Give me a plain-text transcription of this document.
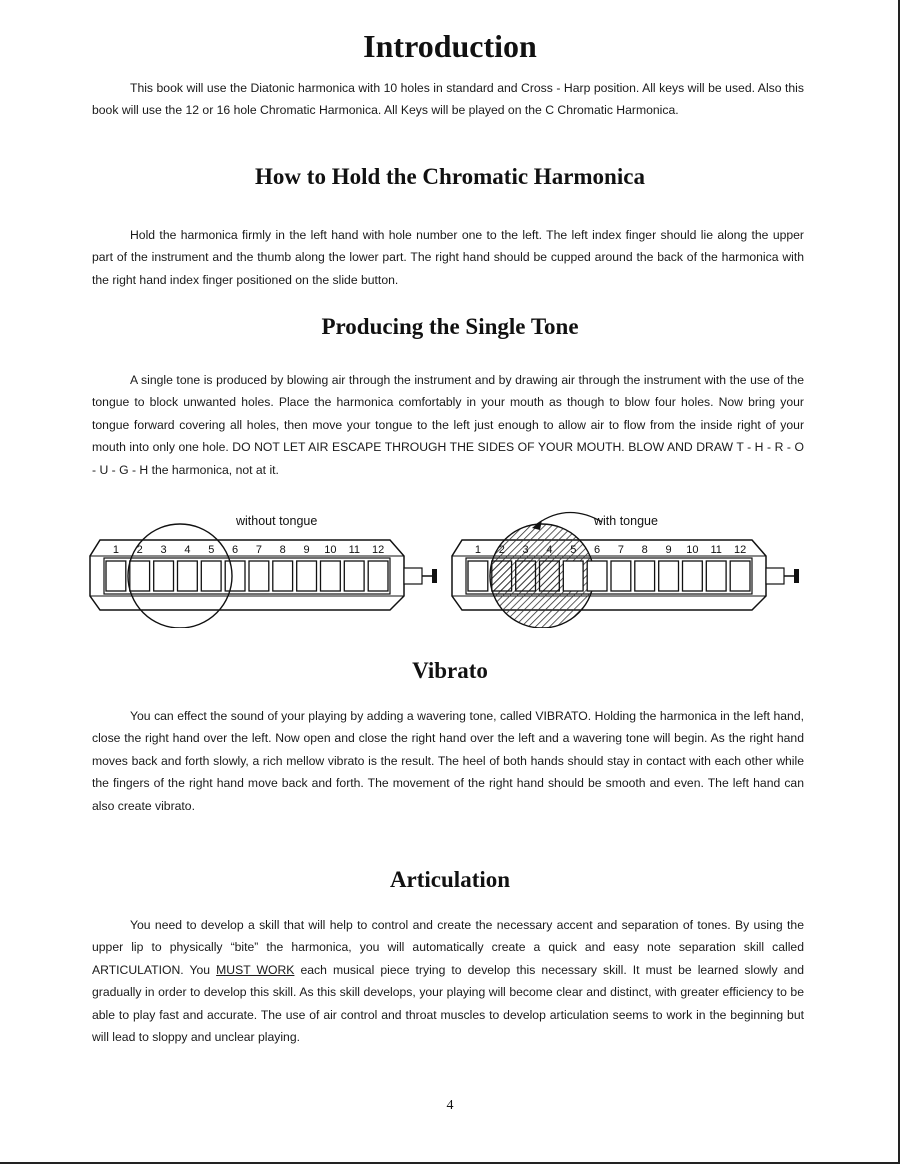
Introduction

This book will use the Diatonic harmonica with 10 holes in standard and Cross - Harp position. All keys will be used. Also this book will use the 12 or 16 hole Chromatic Harmonica. All Keys will be played on the C Chromatic Harmonica.

How to Hold the Chromatic Harmonica

Hold the harmonica firmly in the left hand with hole number one to the left. The left index finger should lie along the upper part of the instrument and the thumb along the lower part. The right hand should be cupped around the back of the harmonica with the right hand index finger positioned on the slide button.

Producing the Single Tone

A single tone is produced by blowing air through the instrument and by drawing air through the instrument with the use of the tongue to block unwanted holes. Place the harmonica comfortably in your mouth as though to blow four holes. Now bring your tongue forward covering all holes, then move your tongue to the left just enough to allow air to flow from the inside right of your mouth into only one hole. DO NOT LET AIR ESCAPE THROUGH THE SIDES OF YOUR MOUTH. BLOW AND DRAW T - H - R - O - U - G - H the harmonica, not at it.

without tongue	with tongue
1 2 3 4 5 6 7 8 9 10 11 12	1 2 3 4 5 6 7 8 9 10 11 12
Vibrato

You can effect the sound of your playing by adding a wavering tone, called VIBRATO. Holding the harmonica in the left hand, close the right hand over the left. Now open and close the right hand over the left and a wavering tone will begin. As the right hand moves back and forth slowly, a rich mellow vibrato is the result. The heel of both hands should stay in contact with each other while the fingers of the right hand move back and forth. The movement of the right hand should be smooth and even. The left hand can also create vibrato.

Articulation

You need to develop a skill that will help to control and create the necessary accent and separation of tones. By using the upper lip to physically “bite” the harmonica, you will automatically create a quick and easy note separation skill called ARTICULATION. You MUST WORK each musical piece trying to develop this necessary skill. It must be learned slowly and gradually in order to develop this skill. As this skill develops, your playing will become clear and distinct, with greater efficiency to be able to play fast and accurate. The use of air control and throat muscles to develop articulation seems to work in the beginning but will lead to sloppy and unclear playing.

4
